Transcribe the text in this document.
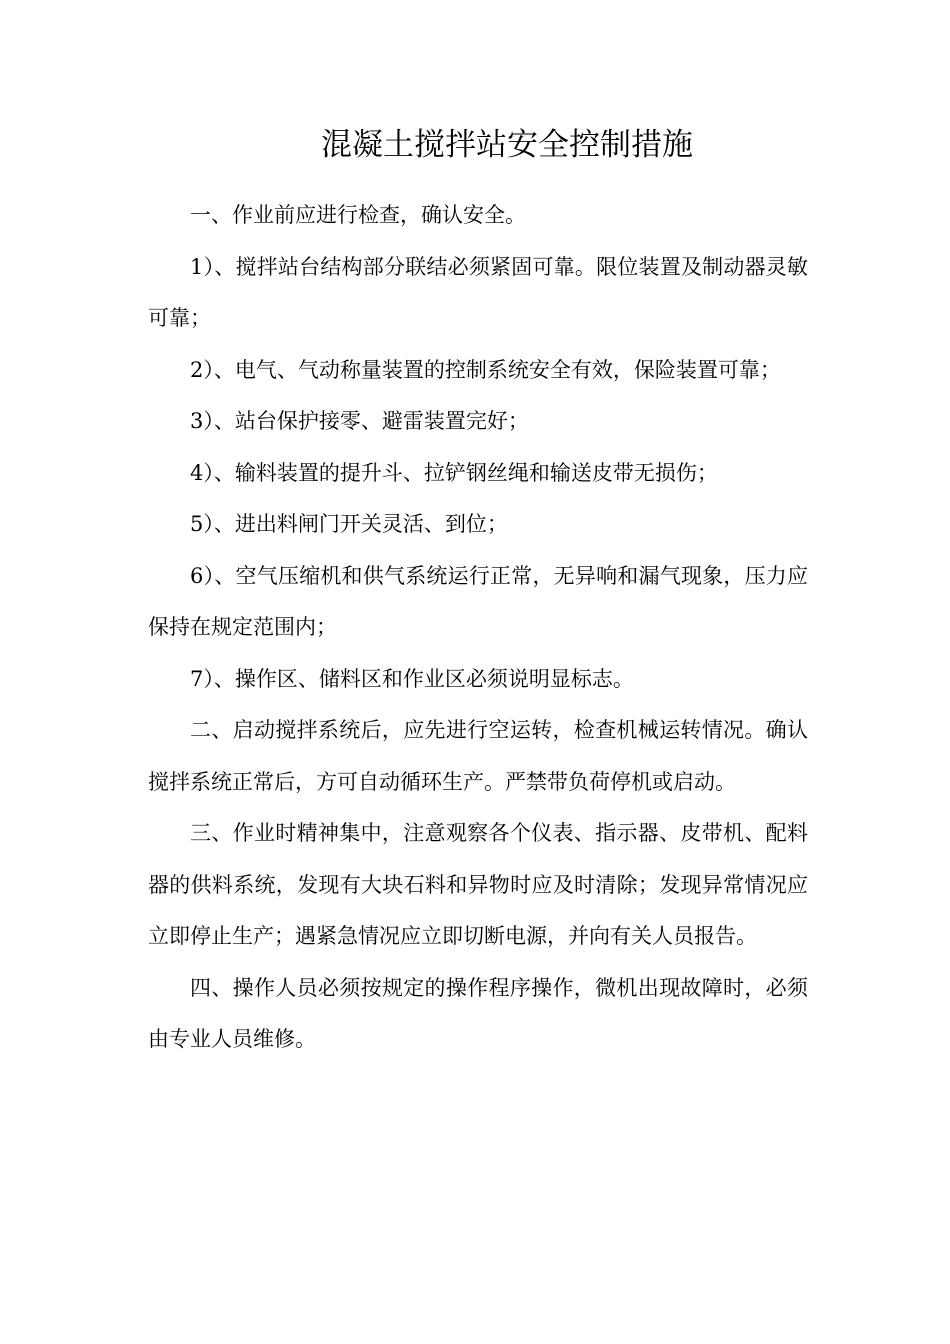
混凝土搅拌站安全控制措施

一、作业前应进行检查，确认安全。

1）、搅拌站台结构部分联结必须紧固可靠。限位装置及制动器灵敏可靠；

2）、电气、气动称量装置的控制系统安全有效，保险装置可靠；

3）、站台保护接零、避雷装置完好；

4）、输料装置的提升斗、拉铲钢丝绳和输送皮带无损伤；

5）、进出料闸门开关灵活、到位；

6）、空气压缩机和供气系统运行正常，无异响和漏气现象，压力应保持在规定范围内；

7）、操作区、储料区和作业区必须说明显标志。

二、启动搅拌系统后，应先进行空运转，检查机械运转情况。确认搅拌系统正常后，方可自动循环生产。严禁带负荷停机或启动。

三、作业时精神集中，注意观察各个仪表、指示器、皮带机、配料器的供料系统，发现有大块石料和异物时应及时清除；发现异常情况应立即停止生产；遇紧急情况应立即切断电源，并向有关人员报告。

四、操作人员必须按规定的操作程序操作，微机出现故障时，必须由专业人员维修。
